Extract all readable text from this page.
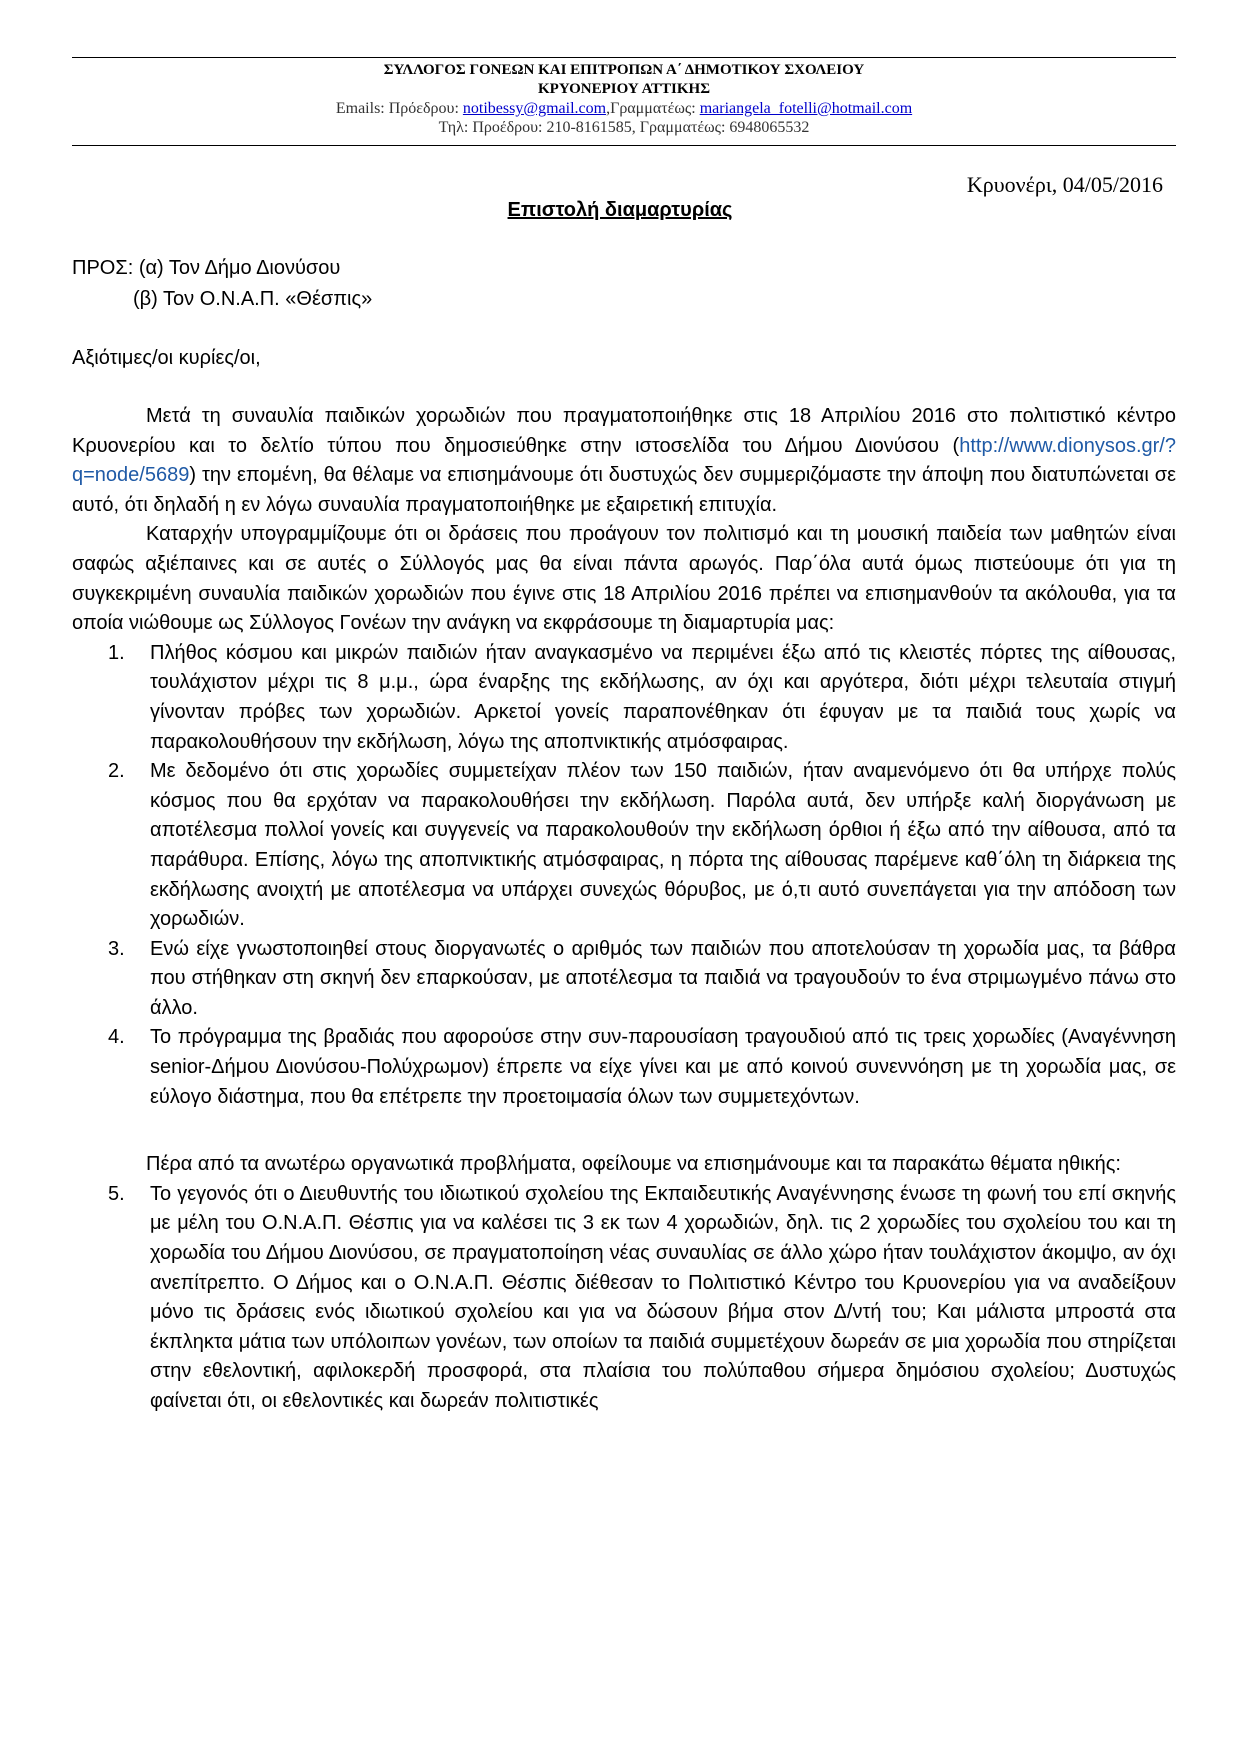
ΣΥΛΛΟΓΟΣ ΓΟΝΕΩΝ ΚΑΙ ΕΠΙΤΡΟΠΩΝ Α΄ ΔΗΜΟΤΙΚΟΥ ΣΧΟΛΕΙΟΥ
ΚΡΥΟΝΕΡΙΟΥ ΑΤΤΙΚΗΣ
Emails: Πρόεδρου: notibessy@gmail.com,Γραμματέως: mariangela_fotelli@hotmail.com
Τηλ: Προέδρου: 210-8161585, Γραμματέως: 6948065532
Κρυονέρι, 04/05/2016
Επιστολή διαμαρτυρίας
ΠΡΟΣ: (α) Τον Δήμο Διονύσου
(β) Τον Ο.Ν.Α.Π. «Θέσπις»
Αξιότιμες/οι κυρίες/οι,

Μετά τη συναυλία παιδικών χορωδιών που πραγματοποιήθηκε στις 18 Απριλίου 2016 στο πολιτιστικό κέντρο Κρυονερίου και το δελτίο τύπου που δημοσιεύθηκε στην ιστοσελίδα του Δήμου Διονύσου (http://www.dionysos.gr/?q=node/5689) την επομένη, θα θέλαμε να επισημάνουμε ότι δυστυχώς δεν συμμεριζόμαστε την άποψη που διατυπώνεται σε αυτό, ότι δηλαδή η εν λόγω συναυλία πραγματοποιήθηκε με εξαιρετική επιτυχία.

Καταρχήν υπογραμμίζουμε ότι οι δράσεις που προάγουν τον πολιτισμό και τη μουσική παιδεία των μαθητών είναι σαφώς αξιέπαινες και σε αυτές ο Σύλλογός μας θα είναι πάντα αρωγός. Παρ΄όλα αυτά όμως πιστεύουμε ότι για τη συγκεκριμένη συναυλία παιδικών χορωδιών που έγινε στις 18 Απριλίου 2016 πρέπει να επισημανθούν τα ακόλουθα, για τα οποία νιώθουμε ως Σύλλογος Γονέων την ανάγκη να εκφράσουμε τη διαμαρτυρία μας:

1. Πλήθος κόσμου και μικρών παιδιών ήταν αναγκασμένο να περιμένει έξω από τις κλειστές πόρτες της αίθουσας, τουλάχιστον μέχρι τις 8 μ.μ., ώρα έναρξης της εκδήλωσης, αν όχι και αργότερα, διότι μέχρι τελευταία στιγμή γίνονταν πρόβες των χορωδιών. Αρκετοί γονείς παραπονέθηκαν ότι έφυγαν με τα παιδιά τους χωρίς να παρακολουθήσουν την εκδήλωση, λόγω της αποπνικτικής ατμόσφαιρας.
2. Με δεδομένο ότι στις χορωδίες συμμετείχαν πλέον των 150 παιδιών, ήταν αναμενόμενο ότι θα υπήρχε πολύς κόσμος που θα ερχόταν να παρακολουθήσει την εκδήλωση. Παρόλα αυτά, δεν υπήρξε καλή διοργάνωση με αποτέλεσμα πολλοί γονείς και συγγενείς να παρακολουθούν την εκδήλωση όρθιοι ή έξω από την αίθουσα, από τα παράθυρα. Επίσης, λόγω της αποπνικτικής ατμόσφαιρας, η πόρτα της αίθουσας παρέμενε καθ΄όλη τη διάρκεια της εκδήλωσης ανοιχτή με αποτέλεσμα να υπάρχει συνεχώς θόρυβος, με ό,τι αυτό συνεπάγεται για την απόδοση των χορωδιών.
3. Ενώ είχε γνωστοποιηθεί στους διοργανωτές ο αριθμός των παιδιών που αποτελούσαν τη χορωδία μας, τα βάθρα που στήθηκαν στη σκηνή δεν επαρκούσαν, με αποτέλεσμα τα παιδιά να τραγουδούν το ένα στριμωγμένο πάνω στο άλλο.
4. Το πρόγραμμα της βραδιάς που αφορούσε στην συν-παρουσίαση τραγουδιού από τις τρεις χορωδίες (Αναγέννηση senior-Δήμου Διονύσου-Πολύχρωμον) έπρεπε να είχε γίνει και με από κοινού συνεννόηση με τη χορωδία μας, σε εύλογο διάστημα, που θα επέτρεπε την προετοιμασία όλων των συμμετεχόντων.

Πέρα από τα ανωτέρω οργανωτικά προβλήματα, οφείλουμε να επισημάνουμε και τα παρακάτω θέματα ηθικής:

5. Το γεγονός ότι ο Διευθυντής του ιδιωτικού σχολείου της Εκπαιδευτικής Αναγέννησης ένωσε τη φωνή του επί σκηνής με μέλη του Ο.Ν.Α.Π. Θέσπις για να καλέσει τις 3 εκ των 4 χορωδιών, δηλ. τις 2 χορωδίες του σχολείου του και τη χορωδία του Δήμου Διονύσου, σε πραγματοποίηση νέας συναυλίας σε άλλο χώρο ήταν τουλάχιστον άκομψο, αν όχι ανεπίτρεπτο. Ο Δήμος και ο Ο.Ν.Α.Π. Θέσπις διέθεσαν το Πολιτιστικό Κέντρο του Κρυονερίου για να αναδείξουν μόνο τις δράσεις ενός ιδιωτικού σχολείου και για να δώσουν βήμα στον Δ/ντή του; Και μάλιστα μπροστά στα έκπληκτα μάτια των υπόλοιπων γονέων, των οποίων τα παιδιά συμμετέχουν δωρεάν σε μια χορωδία που στηρίζεται στην εθελοντική, αφιλοκερδή προσφορά, στα πλαίσια του πολύπαθου σήμερα δημόσιου σχολείου; Δυστυχώς φαίνεται ότι, οι εθελοντικές και δωρεάν πολιτιστικές
